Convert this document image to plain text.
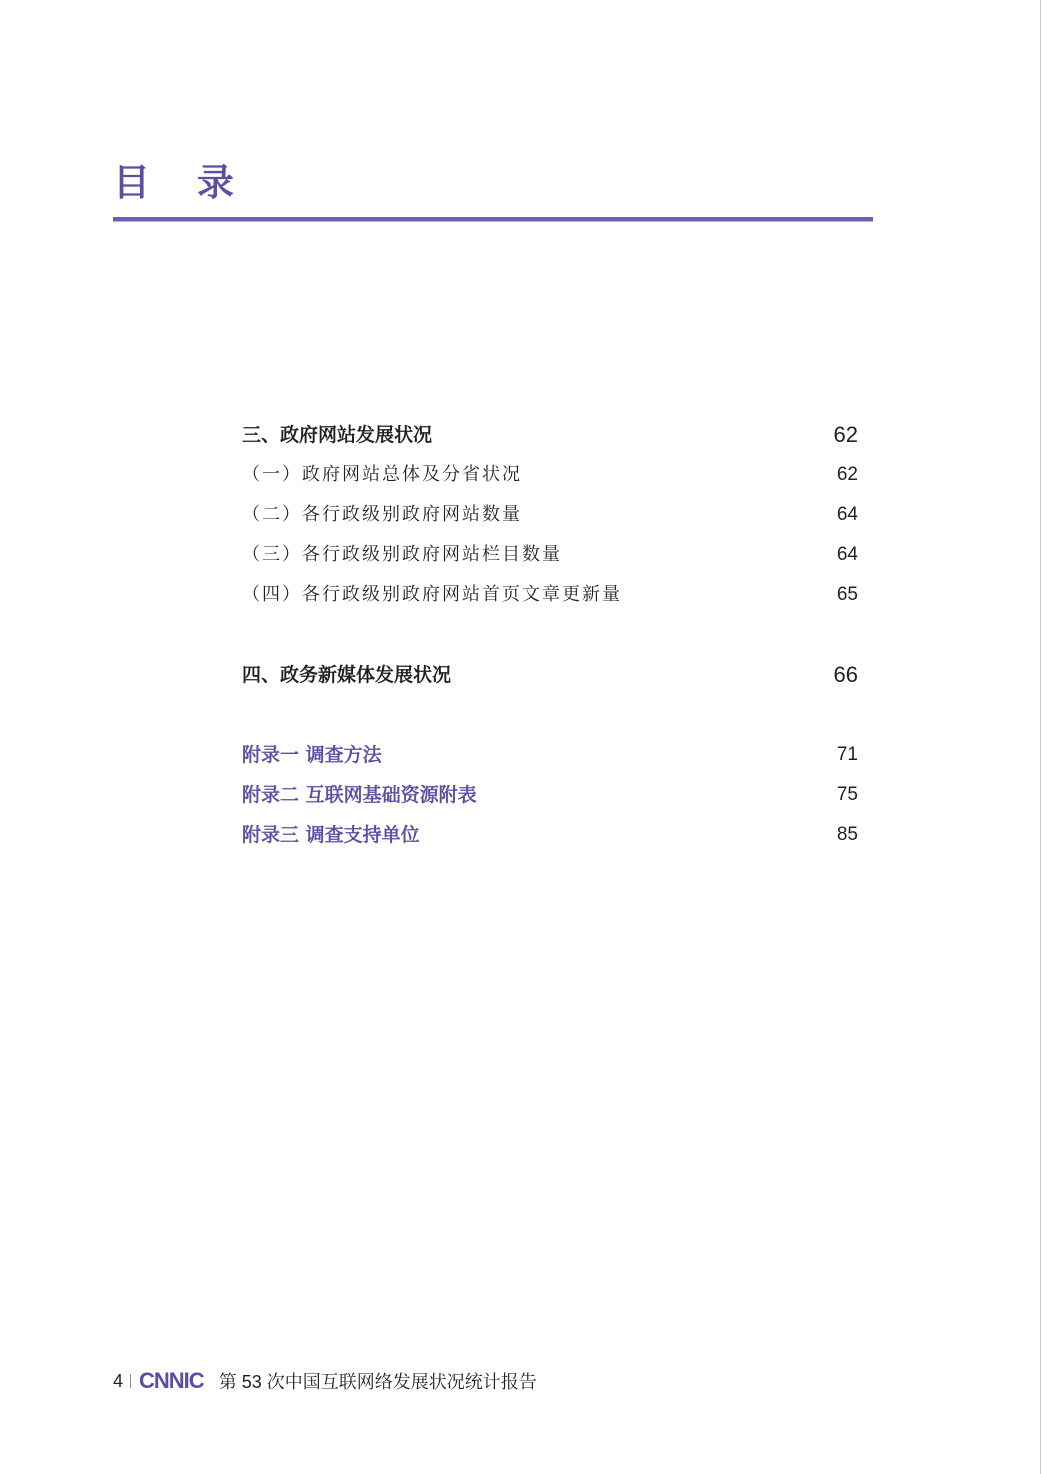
目 录
三、政府网站发展状况	62
（一）政府网站总体及分省状况	62
（二）各行政级别政府网站数量	64
（三）各行政级别政府网站栏目数量	64
（四）各行政级别政府网站首页文章更新量	65
四、政务新媒体发展状况	66
附录一 调查方法	71
附录二 互联网基础资源附表	75
附录三 调查支持单位	85
4 CNNIC 第 53 次中国互联网络发展状况统计报告
